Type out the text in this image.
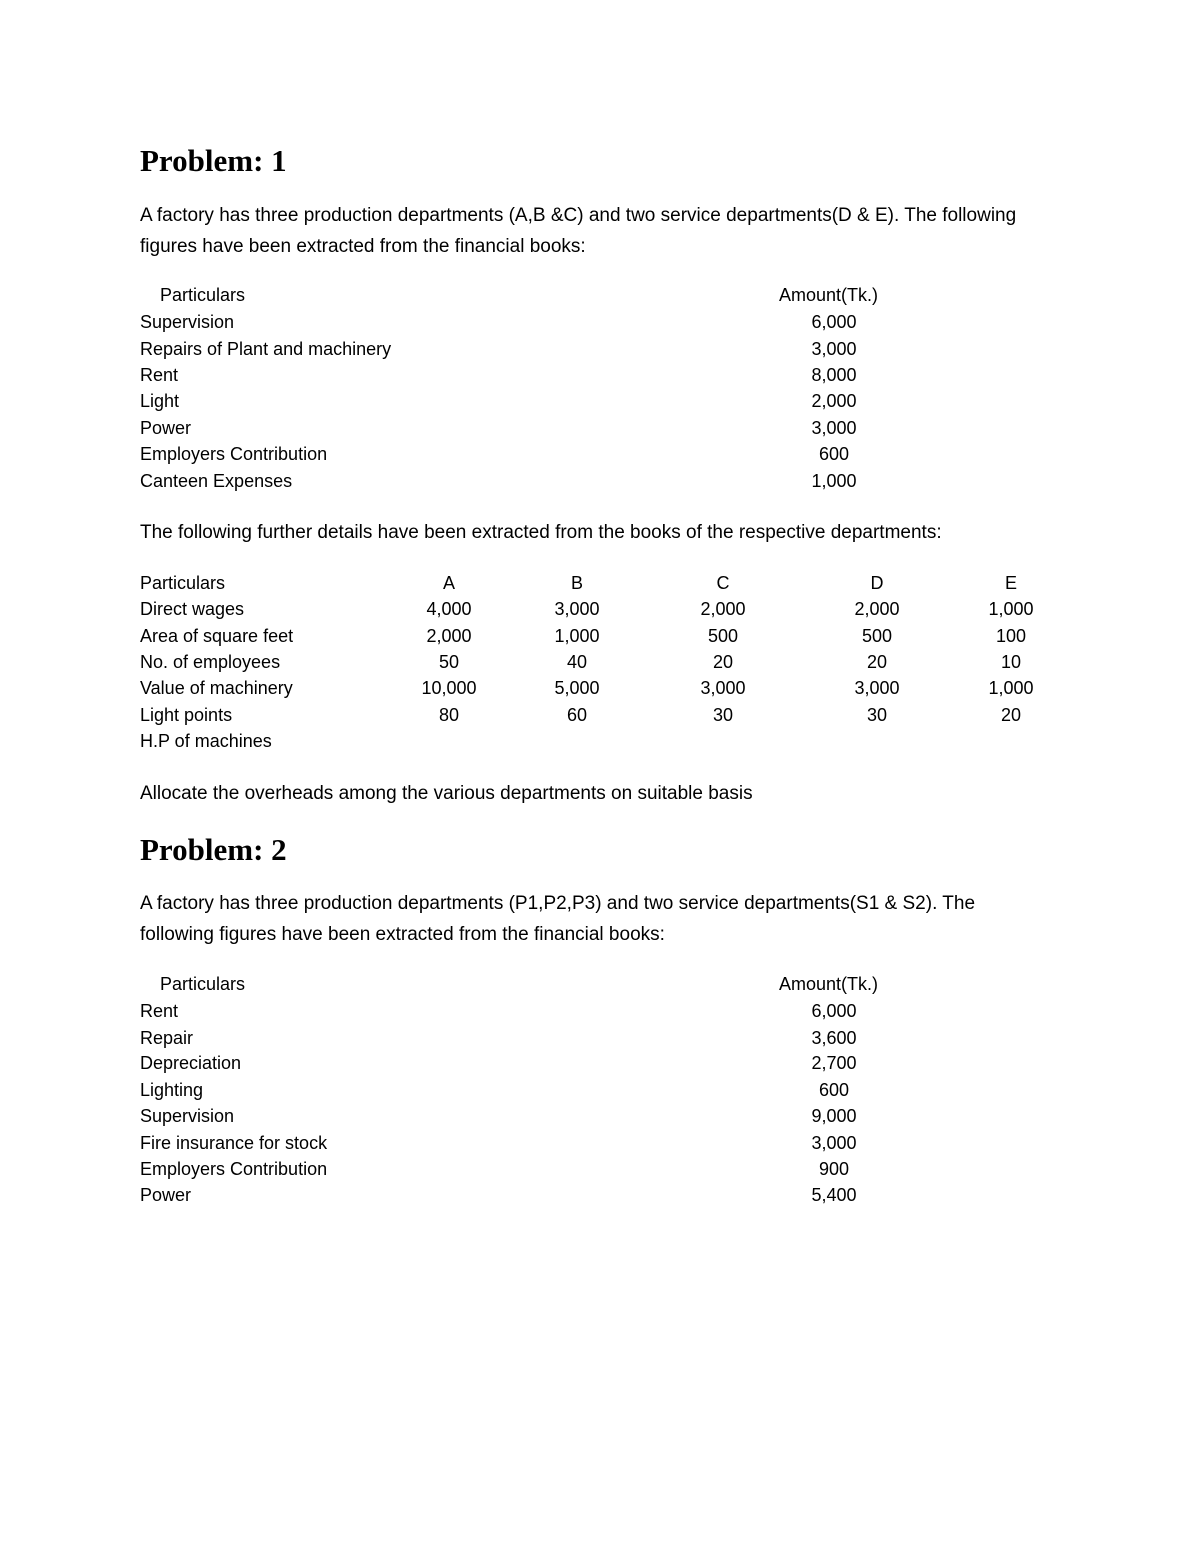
Problem: 1
A factory has three production departments (A,B &C) and two service departments(D & E). The following
figures have been extracted from the financial books:
Particulars	Amount(Tk.)
Supervision	6,000
Repairs of Plant and machinery	3,000
Rent	8,000
Light	2,000
Power	3,000
Employers Contribution	600
Canteen Expenses	1,000
The following further details have been extracted from the books of the respective departments:
Particulars	A	B	C	D	E
Direct wages	4,000	3,000	2,000	2,000	1,000
Area of square feet	2,000	1,000	500	500	100
No. of employees	50	40	20	20	10
Value of machinery	10,000	5,000	3,000	3,000	1,000
Light points	80	60	30	30	20
H.P of machines
Allocate the overheads among the various departments on suitable basis
Problem: 2
A factory has three production departments (P1,P2,P3) and two service departments(S1 & S2). The
following figures have been extracted from the financial books:
Particulars	Amount(Tk.)
Rent	6,000
Repair	3,600
Depreciation	2,700
Lighting	600
Supervision	9,000
Fire insurance for stock	3,000
Employers Contribution	900
Power	5,400
